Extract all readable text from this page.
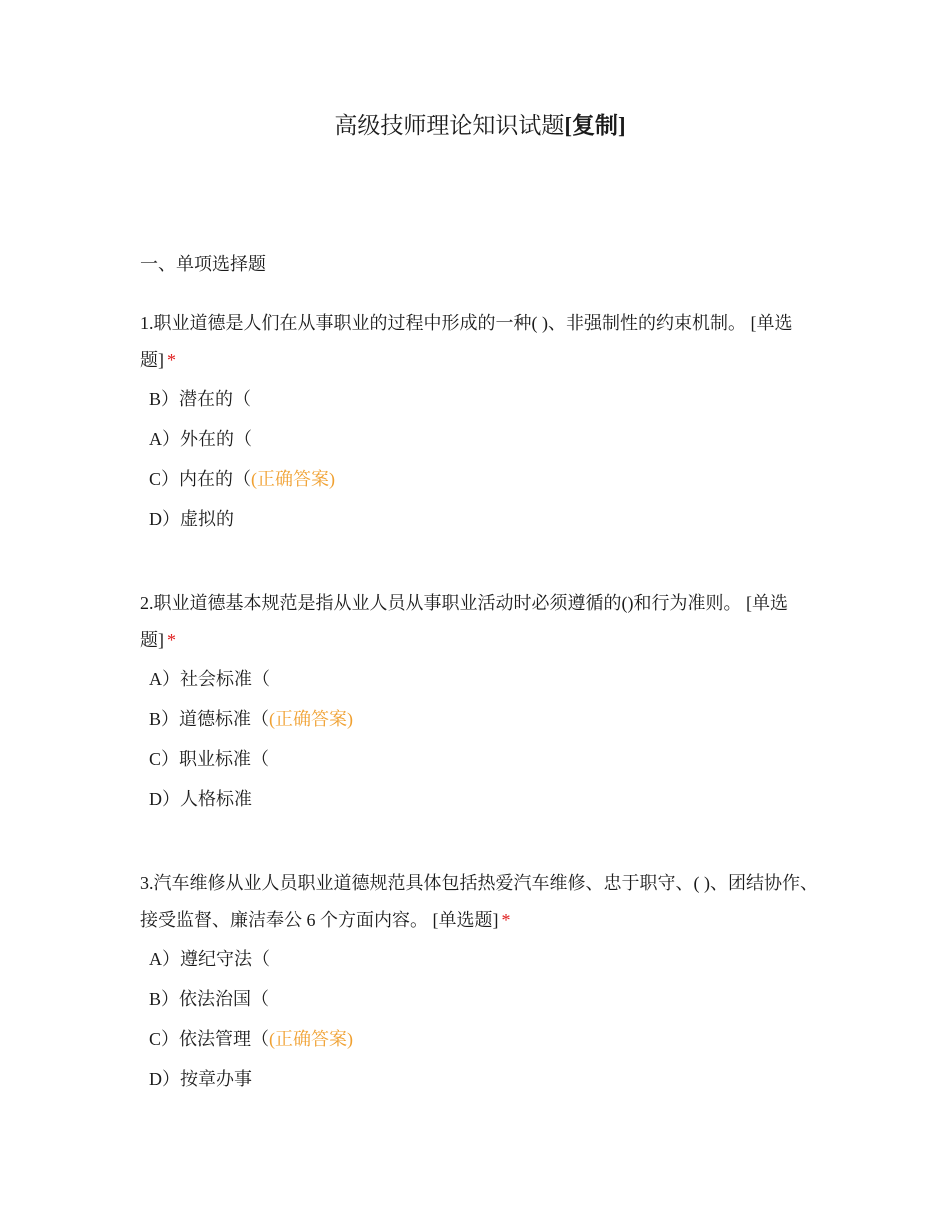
高级技师理论知识试题[复制]
一、单项选择题
1.职业道德是人们在从事职业的过程中形成的一种( )、非强制性的约束机制。 [单选题] *
B）潜在的（
A）外在的（
C）内在的（(正确答案)
D）虚拟的
2.职业道德基本规范是指从业人员从事职业活动时必须遵循的()和行为准则。 [单选题] *
A）社会标准（
B）道德标准（(正确答案)
C）职业标准（
D）人格标准
3.汽车维修从业人员职业道德规范具体包括热爱汽车维修、忠于职守、( )、团结协作、接受监督、廉洁奉公 6 个方面内容。 [单选题] *
A）遵纪守法（
B）依法治国（
C）依法管理（(正确答案)
D）按章办事
